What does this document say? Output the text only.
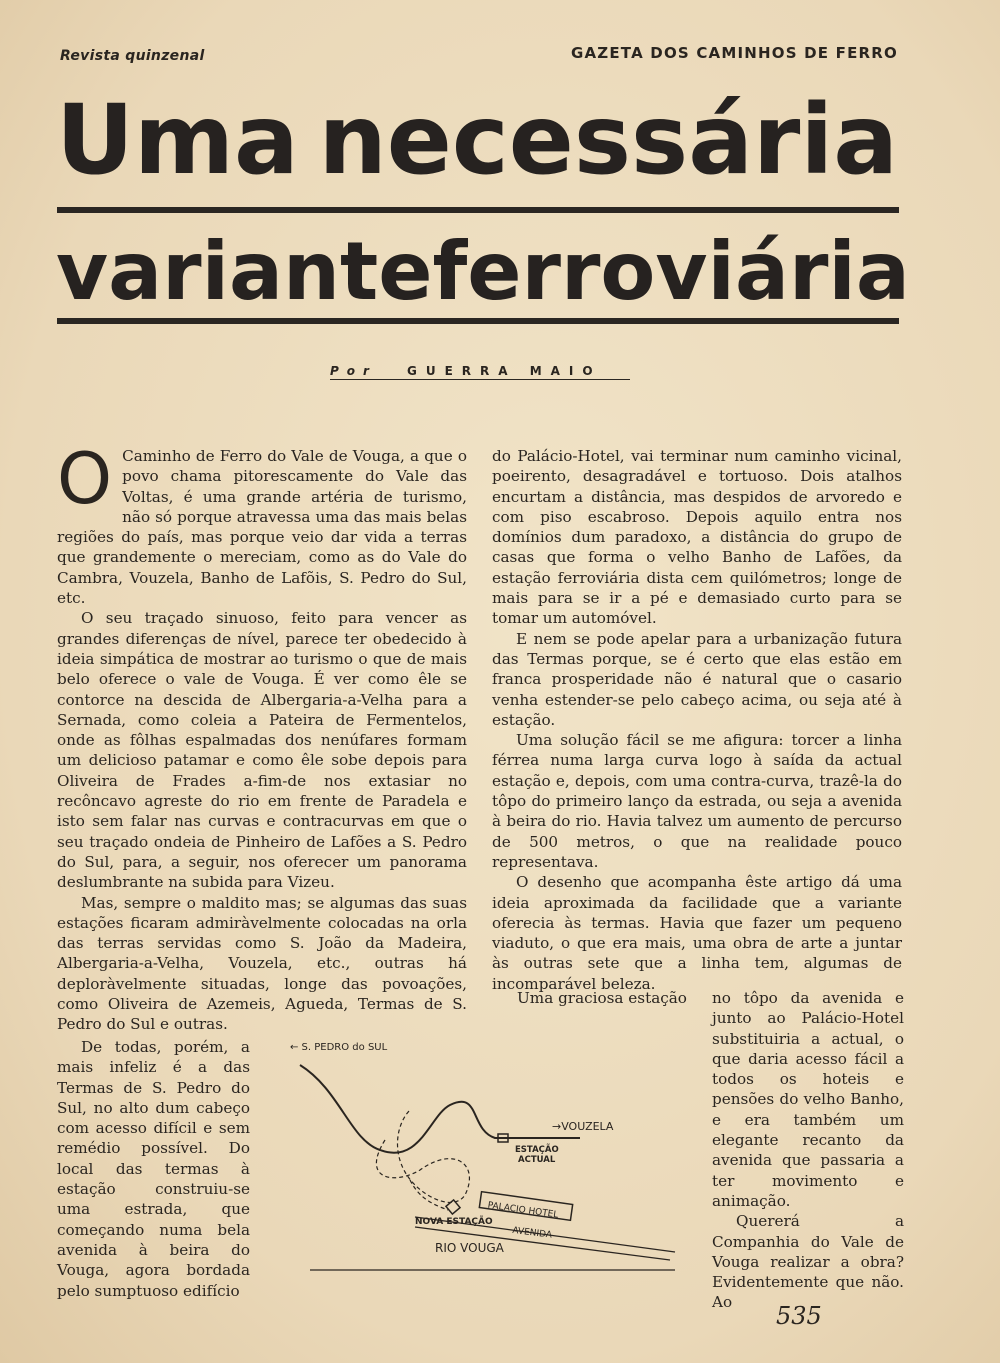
Revista quinzenal	GAZETA DOS CAMINHOS DE FERRO
Uma necessária
variante ferroviária
Por	GUERRA MAIO

O Caminho de Ferro do Vale de Vouga, a que o povo chama pitorescamente do Vale das Voltas, é uma grande artéria de turismo, não só porque atravessa uma das mais belas regiões do país, mas porque veio dar vida a terras que grandemente o mereciam, como as do Vale do Cambra, Vouzela, Banho de Lafõis, S. Pedro do Sul, etc.

O seu traçado sinuoso, feito para vencer as grandes diferenças de nível, parece ter obedecido à ideia simpática de mostrar ao turismo o que de mais belo oferece o vale de Vouga. É ver como êle se contorce na descida de Albergaria-a-Velha para a Sernada, como coleia a Pateira de Fermentelos, onde as fôlhas espalmadas dos nenúfares formam um delicioso patamar e como êle sobe depois para Oliveira de Frades a-fim-de nos extasiar no recôncavo agreste do rio em frente de Paradela e isto sem falar nas curvas e contracurvas em que o seu traçado ondeia de Pinheiro de Lafões a S. Pedro do Sul, para, a seguir, nos oferecer um panorama deslumbrante na subida para Vizeu.

Mas, sempre o maldito mas; se algumas das suas estações ficaram admiràvelmente colocadas na orla das terras servidas como S. João da Madeira, Albergaria-a-Velha, Vouzela, etc., outras há deploràvelmente situadas, longe das povoações, como Oliveira de Azemeis, Agueda, Termas de S. Pedro do Sul e outras.

De todas, porém, a mais infeliz é a das Termas de S. Pedro do Sul, no alto dum cabeço com acesso difícil e sem remédio possível. Do local das termas à estação construiu-se uma estrada, que começando numa bela avenida à beira do Vouga, agora bordada pelo sumptuoso edifício

do Palácio-Hotel, vai terminar num caminho vicinal, poeirento, desagradável e tortuoso. Dois atalhos encurtam a distância, mas despidos de arvoredo e com piso escabroso. Depois aquilo entra nos domínios dum paradoxo, a distância do grupo de casas que forma o velho Banho de Lafões, da estação ferroviária dista cem quilómetros; longe de mais para se ir a pé e demasiado curto para se tomar um automóvel.

E nem se pode apelar para a urbanização futura das Termas porque, se é certo que elas estão em franca prosperidade não é natural que o casario venha estender-se pelo cabeço acima, ou seja até à estação.

Uma solução fácil se me afigura: torcer a linha férrea numa larga curva logo à saída da actual estação e, depois, com uma contra-curva, trazê-la do tôpo do primeiro lanço da estrada, ou seja a avenida à beira do rio. Havia talvez um aumento de percurso de 500 metros, o que na realidade pouco representava.

O desenho que acompanha êste artigo dá uma ideia aproximada da facilidade que a variante oferecia às termas. Havia que fazer um pequeno viaduto, o que era mais, uma obra de arte a juntar às outras sete que a linha tem, algumas de incomparável beleza.

Uma graciosa estação no tôpo da avenida e junto ao Palácio-Hotel substituiria a actual, o que daria acesso fácil a todos os hoteis e pensões do velho Banho, e era também um elegante recanto da avenida que passaria a ter movimento e animação.

Quererá a Companhia do Vale de Vouga realizar a obra? Evidentemente que não. Ao

← S. PEDRO do SUL
→VOUZELA
ESTAÇÃO
ACTUAL
PALACIO HOTEL
AVENIDA
NOVA ESTAÇÃO
RIO VOUGA
535
